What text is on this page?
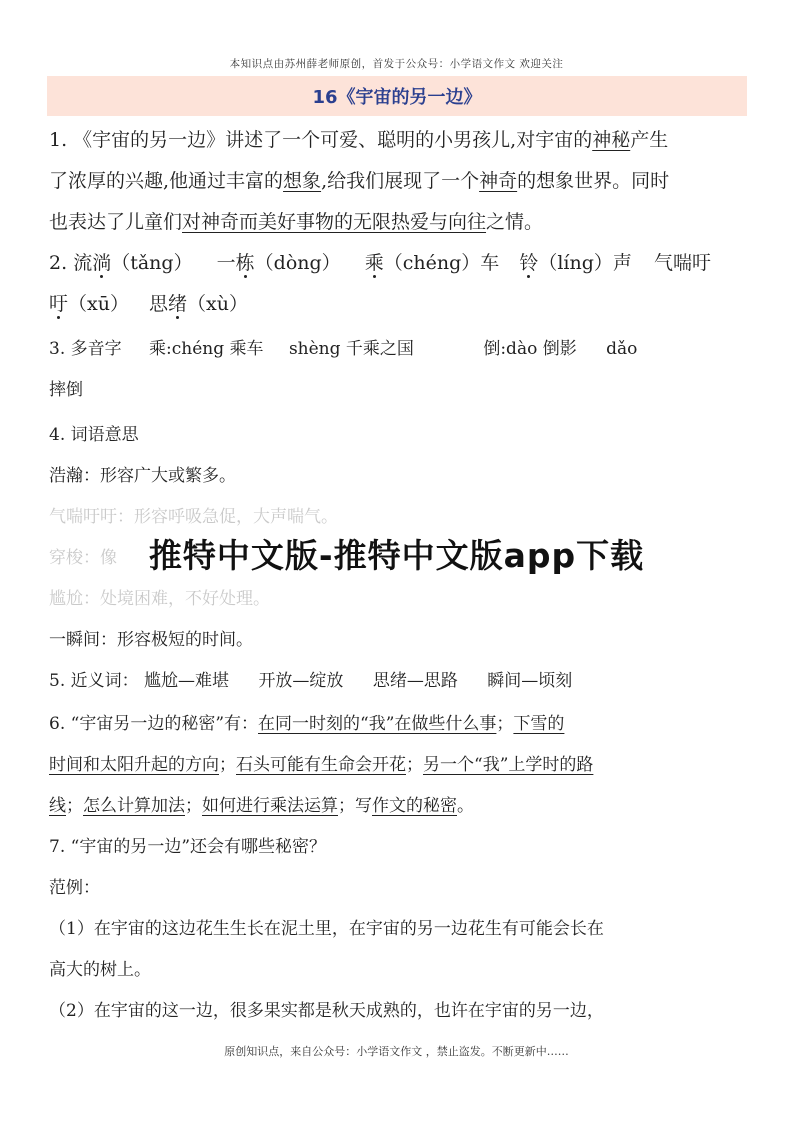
本知识点由苏州薛老师原创，首发于公众号：小学语文作文 欢迎关注
16《宇宙的另一边》
1. 《宇宙的另一边》讲述了一个可爱、聪明的小男孩儿,对宇宙的神秘产生
了浓厚的兴趣,他通过丰富的想象,给我们展现了一个神奇的想象世界。同时
也表达了儿童们对神奇而美好事物的无限热爱与向往之情。
2. 流淌（tǎng） 一栋（dòng） 乘（chéng）车 铃（líng）声 气喘吁
吁（xū） 思绪（xù）
3. 多音字 乘:chéng 乘车 shèng 千乘之国	倒:dào 倒影 dǎo
摔倒
4. 词语意思
浩瀚：形容广大或繁多。
气喘吁吁：形容呼吸急促，大声喘气。
穿梭：像
尴尬：处境困难，不好处理。
一瞬间：形容极短的时间。
5. 近义词： 尴尬—难堪 开放—绽放 思绪—思路 瞬间—顷刻
6. “宇宙另一边的秘密”有：在同一时刻的“我”在做些什么事；下雪的
时间和太阳升起的方向；石头可能有生命会开花；另一个“我”上学时的路
线；怎么计算加法；如何进行乘法运算；写作文的秘密。
7. “宇宙的另一边”还会有哪些秘密？
范例：
（1）在宇宙的这边花生生长在泥土里，在宇宙的另一边花生有可能会长在
高大的树上。
（2）在宇宙的这一边，很多果实都是秋天成熟的，也许在宇宙的另一边，
推特中文版-推特中文版app下载
原创知识点，来自公众号：小学语文作文 ，禁止盗发。不断更新中……
